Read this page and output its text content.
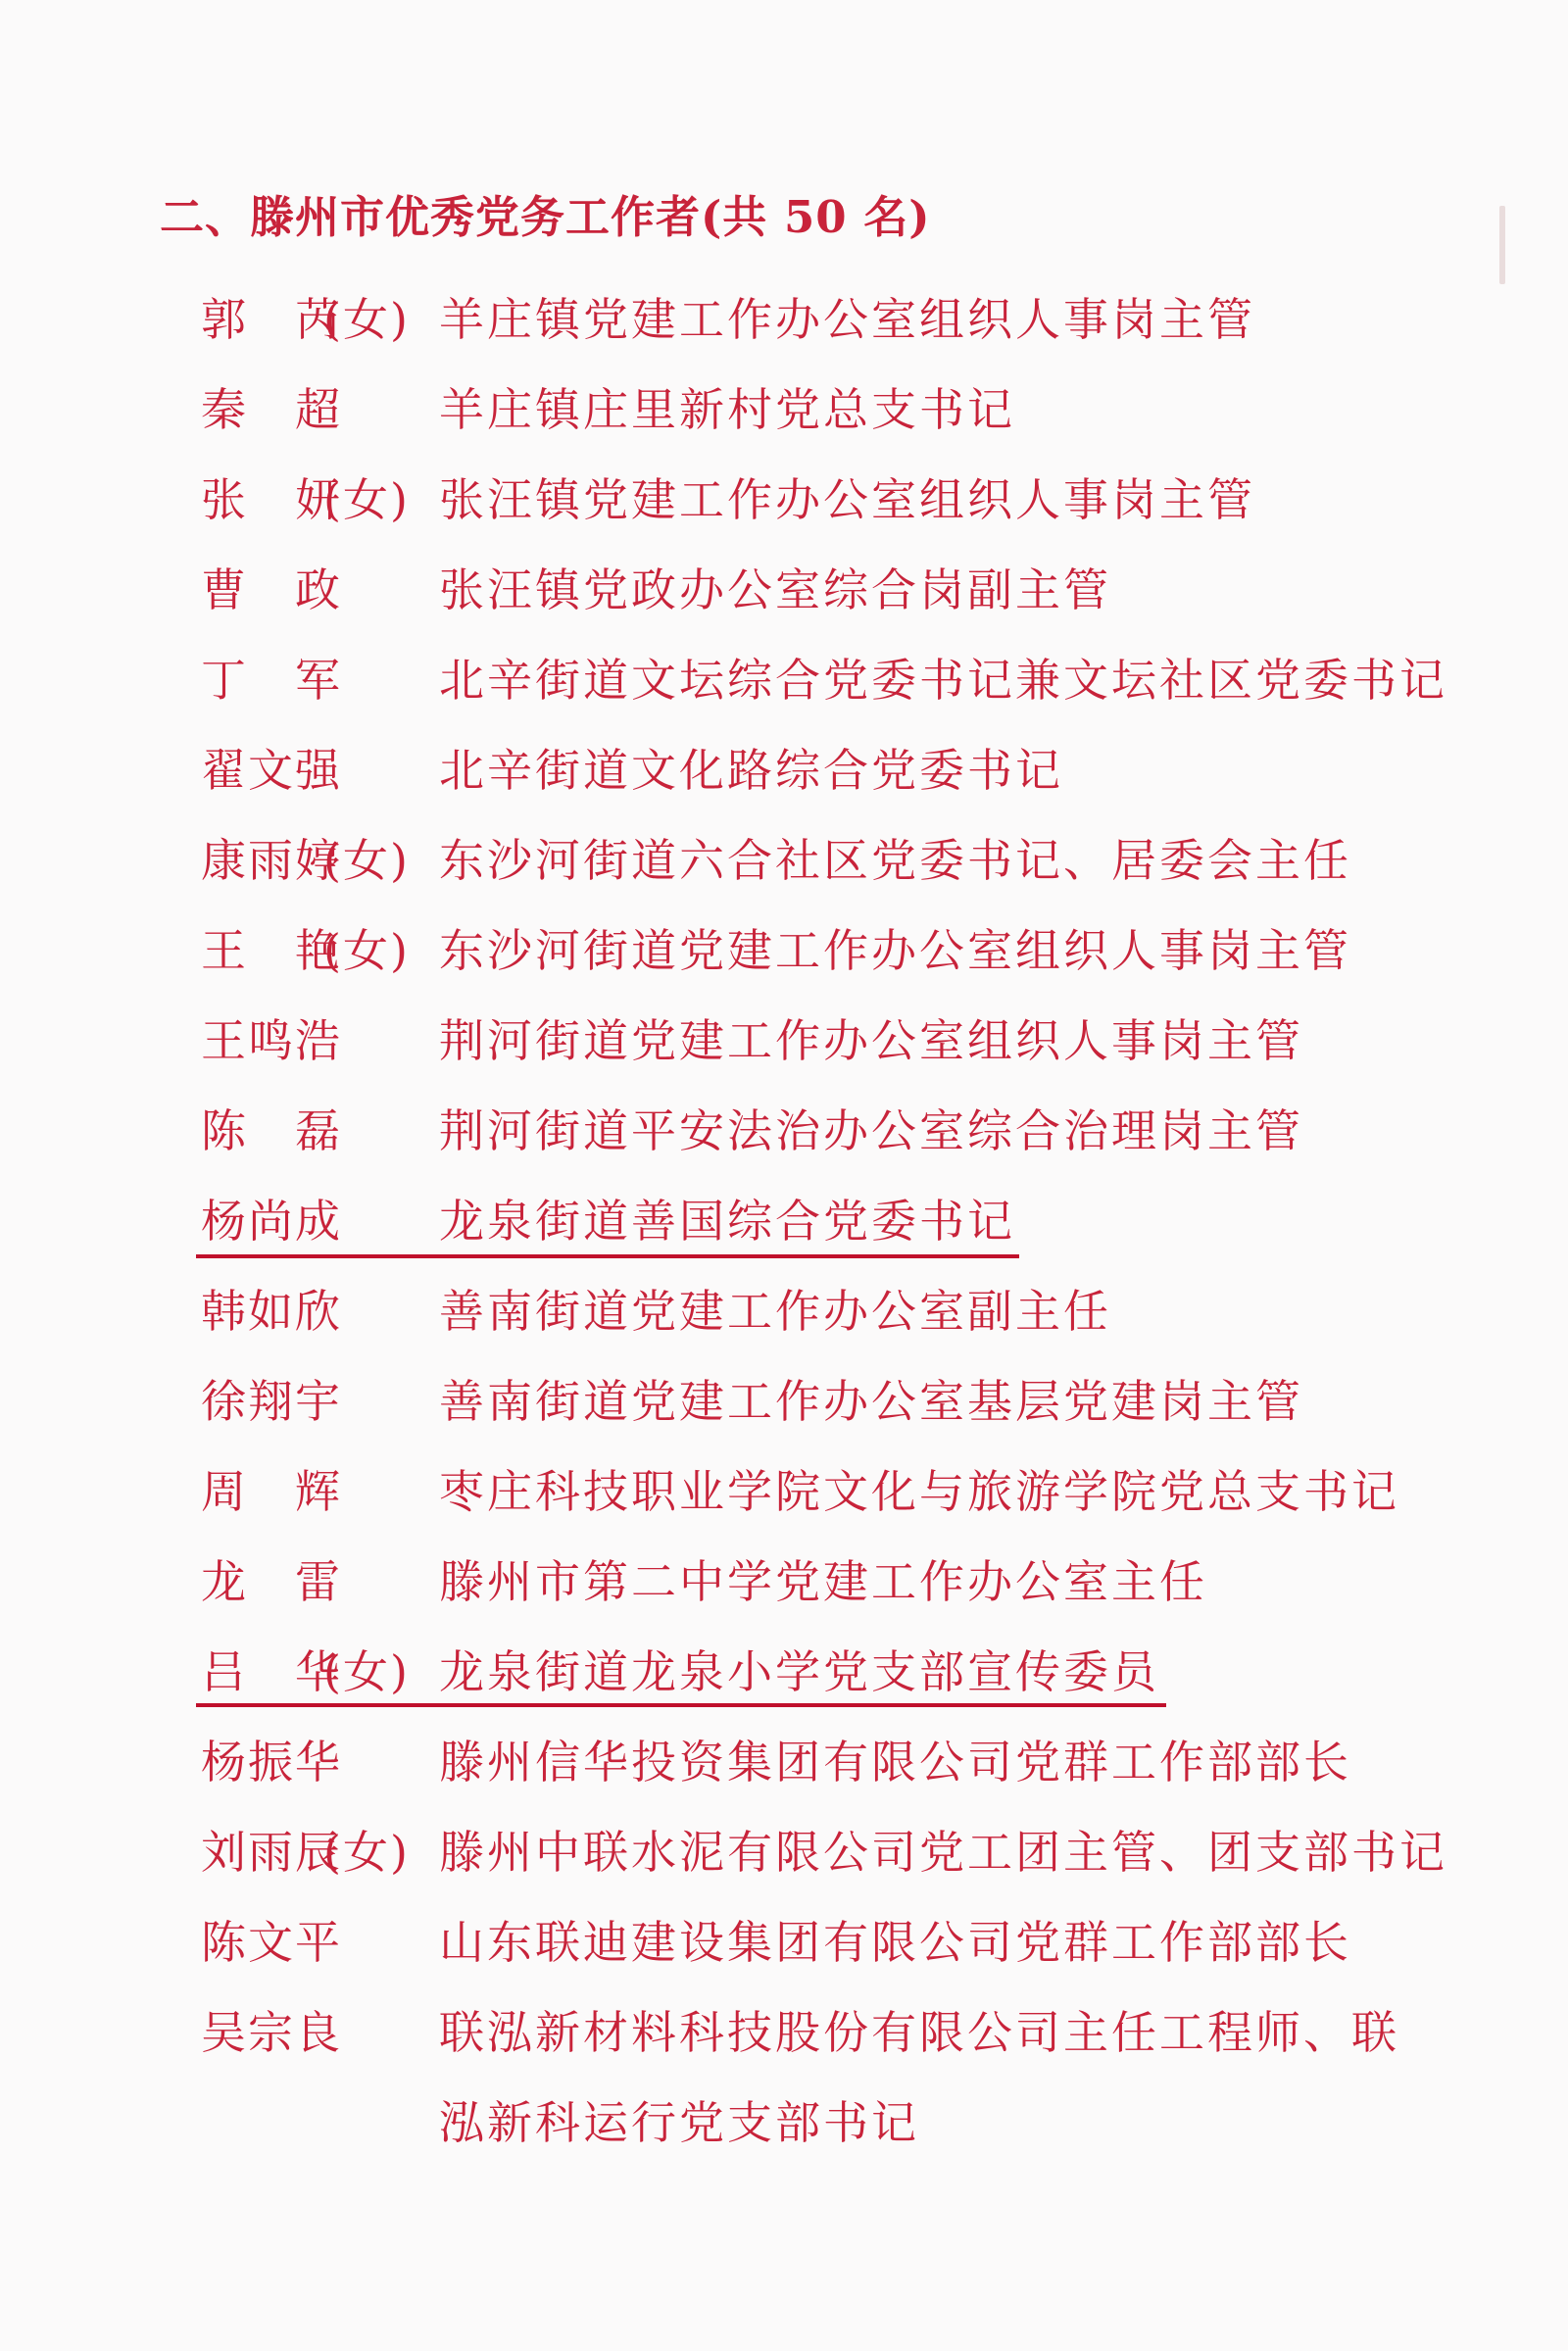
二、滕州市优秀党务工作者(共 50 名)
郭　芮
(女) 羊庄镇党建工作办公室组织人事岗主管
秦　超 羊庄镇庄里新村党总支书记
张　妍
(女) 张汪镇党建工作办公室组织人事岗主管
曹　政 张汪镇党政办公室综合岗副主管
丁　军 北辛街道文坛综合党委书记兼文坛社区党委书记
翟文强 北辛街道文化路综合党委书记
康雨婷
(女) 东沙河街道六合社区党委书记、居委会主任
王　艳
(女) 东沙河街道党建工作办公室组织人事岗主管
王鸣浩 荆河街道党建工作办公室组织人事岗主管
陈　磊 荆河街道平安法治办公室综合治理岗主管
杨尚成 龙泉街道善国综合党委书记
韩如欣 善南街道党建工作办公室副主任
徐翔宇 善南街道党建工作办公室基层党建岗主管
周　辉 枣庄科技职业学院文化与旅游学院党总支书记
龙　雷 滕州市第二中学党建工作办公室主任
吕　华
(女) 龙泉街道龙泉小学党支部宣传委员
杨振华 滕州信华投资集团有限公司党群工作部部长
刘雨辰
(女) 滕州中联水泥有限公司党工团主管、团支部书记
陈文平 山东联迪建设集团有限公司党群工作部部长
吴宗良 联泓新材料科技股份有限公司主任工程师、联
泓新科运行党支部书记
